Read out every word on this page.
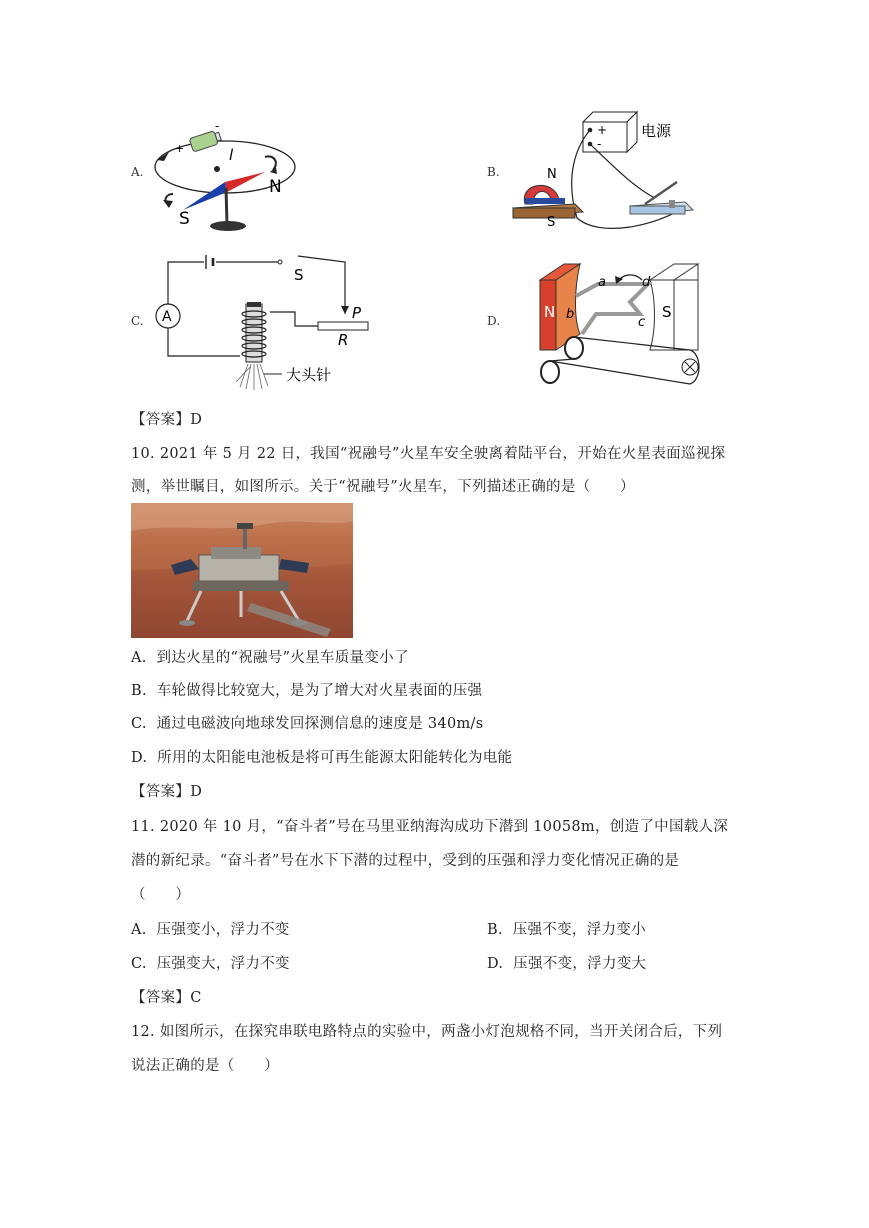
A.	B.
C.	D.
+
-
l
N
S
+
-
电源
N
S
S
A	P
R
大头针
N	S
a
b
c
d
【答案】D
10. 2021 年 5 月 22 日，我国“祝融号”火星车安全驶离着陆平台，开始在火星表面巡视探
测，举世瞩目，如图所示。关于“祝融号”火星车，下列描述正确的是（　　）
A. 到达火星的“祝融号”火星车质量变小了
B. 车轮做得比较宽大，是为了增大对火星表面的压强
C. 通过电磁波向地球发回探测信息的速度是 340m/s
D. 所用的太阳能电池板是将可再生能源太阳能转化为电能
【答案】D
11. 2020 年 10 月，“奋斗者”号在马里亚纳海沟成功下潜到 10058m，创造了中国载人深
潜的新纪录。“奋斗者”号在水下下潜的过程中，受到的压强和浮力变化情况正确的是
（　　）
A. 压强变小，浮力不变	B. 压强不变，浮力变小
C. 压强变大，浮力不变	D. 压强不变，浮力变大
【答案】C
12. 如图所示，在探究串联电路特点的实验中，两盏小灯泡规格不同，当开关闭合后，下列
说法正确的是（　　）
